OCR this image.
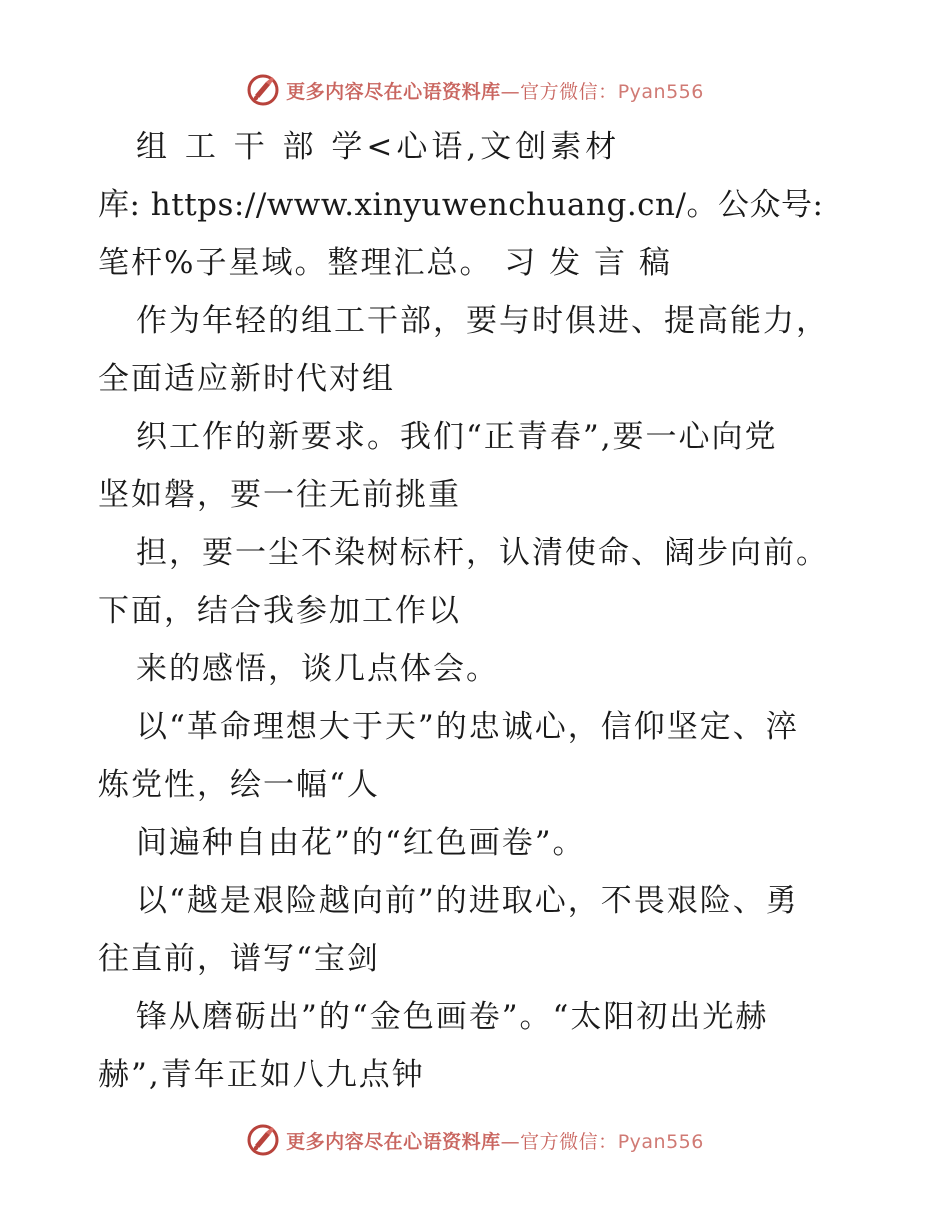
更多内容尽在心语资料库—官方微信：Pyan556
组 工 干 部 学<心语,文创素材
库: https://www.xinyuwenchuang.cn/。公众号:
笔杆%子星域。整理汇总。 习 发 言 稿
作为年轻的组工干部，要与时俱进、提高能力，
全面适应新时代对组
织工作的新要求。我们“正青春”,要一心向党
坚如磐，要一往无前挑重
担，要一尘不染树标杆，认清使命、阔步向前。
下面，结合我参加工作以
来的感悟，谈几点体会。
以“革命理想大于天”的忠诚心，信仰坚定、淬
炼党性，绘一幅“人
间遍种自由花”的“红色画卷”。
以“越是艰险越向前”的进取心，不畏艰险、勇
往直前，谱写“宝剑
锋从磨砺出”的“金色画卷”。“太阳初出光赫
赫”,青年正如八九点钟
更多内容尽在心语资料库—官方微信：Pyan556
